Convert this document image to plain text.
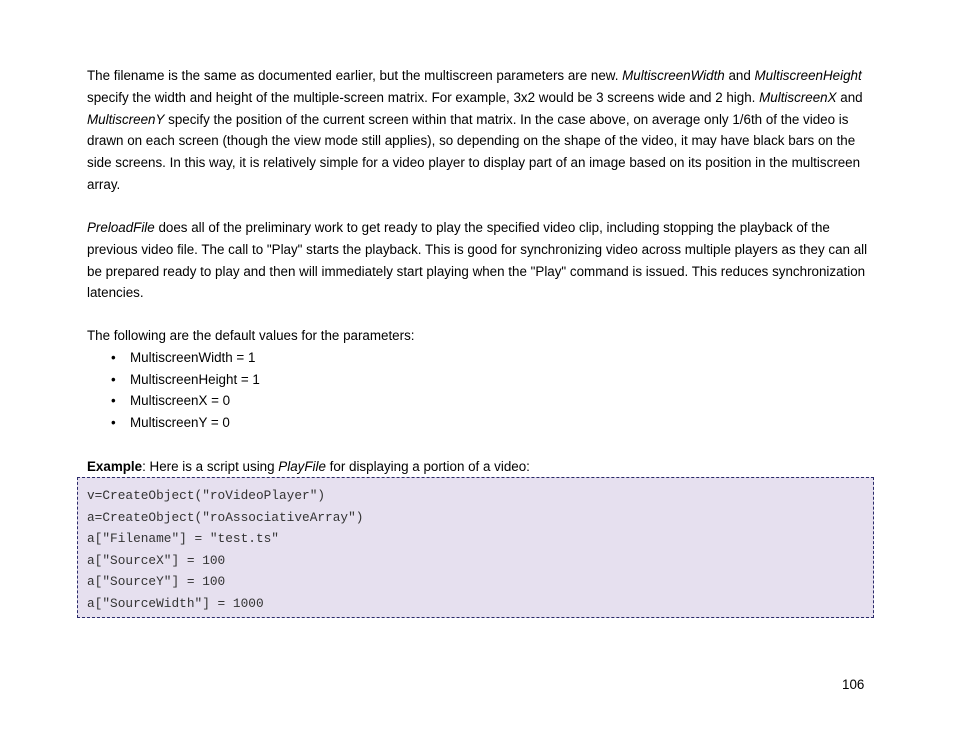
The filename is the same as documented earlier, but the multiscreen parameters are new. MultiscreenWidth and MultiscreenHeight specify the width and height of the multiple-screen matrix. For example, 3x2 would be 3 screens wide and 2 high. MultiscreenX and MultiscreenY specify the position of the current screen within that matrix. In the case above, on average only 1/6th of the video is drawn on each screen (though the view mode still applies), so depending on the shape of the video, it may have black bars on the side screens. In this way, it is relatively simple for a video player to display part of an image based on its position in the multiscreen array.

PreloadFile does all of the preliminary work to get ready to play the specified video clip, including stopping the playback of the previous video file. The call to "Play" starts the playback. This is good for synchronizing video across multiple players as they can all be prepared ready to play and then will immediately start playing when the "Play" command is issued. This reduces synchronization latencies.

The following are the default values for the parameters:

• MultiscreenWidth = 1
• MultiscreenHeight = 1
• MultiscreenX = 0
• MultiscreenY = 0

Example: Here is a script using PlayFile for displaying a portion of a video:

v=CreateObject("roVideoPlayer")
a=CreateObject("roAssociativeArray")
a["Filename"] = "test.ts"
a["SourceX"] = 100
a["SourceY"] = 100
a["SourceWidth"] = 1000
106
